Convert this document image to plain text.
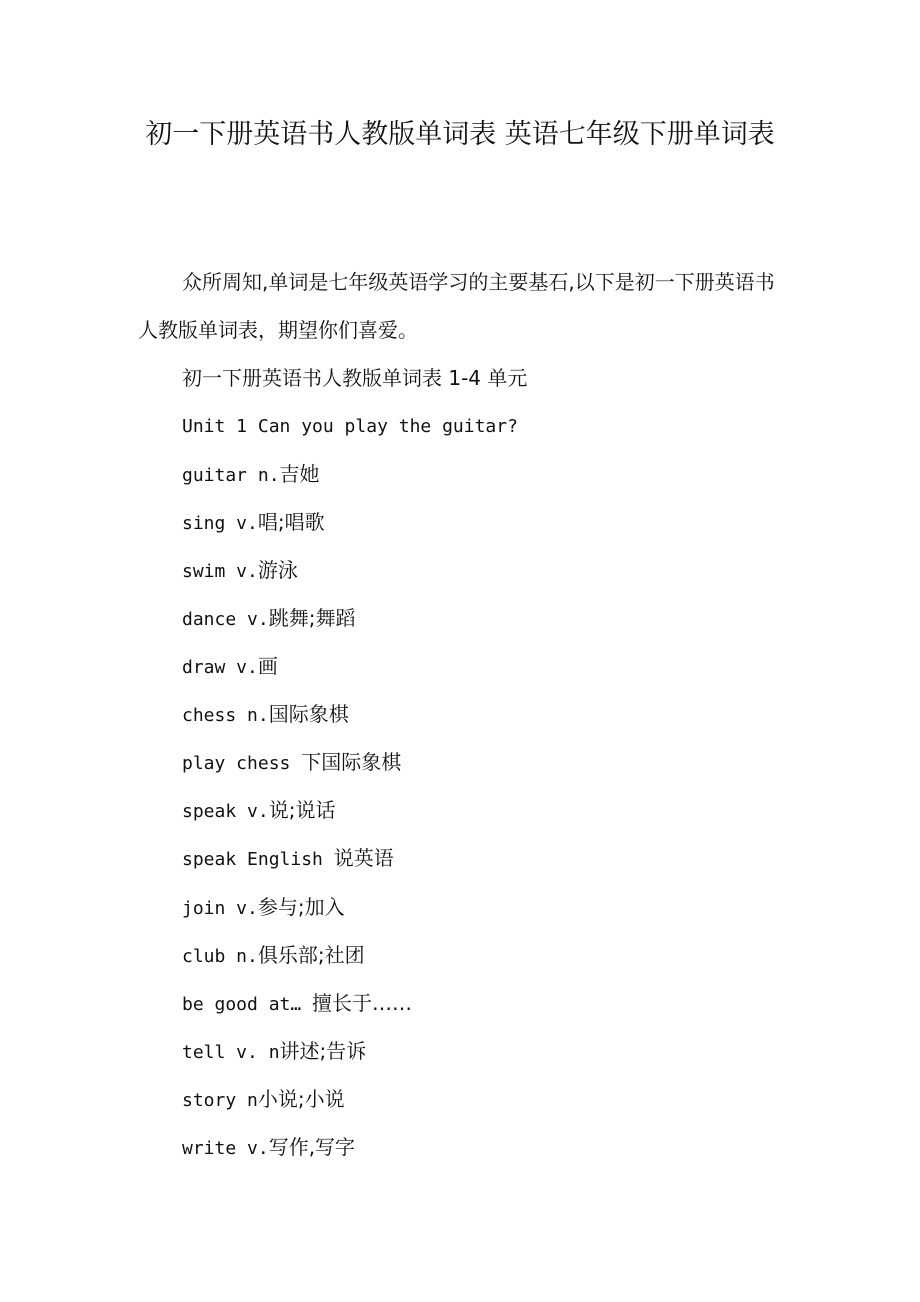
初一下册英语书人教版单词表 英语七年级下册单词表

众所周知,单词是七年级英语学习的主要基石,以下是初一下册英语书人教版单词表，期望你们喜爱。

初一下册英语书人教版单词表 1-4 单元

Unit 1 Can you play the guitar?

guitar n.吉她

sing v.唱;唱歌

swim v.游泳

dance v.跳舞;舞蹈

draw v.画

chess n.国际象棋

play chess 下国际象棋

speak v.说;说话

speak English 说英语

join v.参与;加入

club n.俱乐部;社团

be good at… 擅长于……

tell v. n讲述;告诉

story n小说;小说

write v.写作,写字
